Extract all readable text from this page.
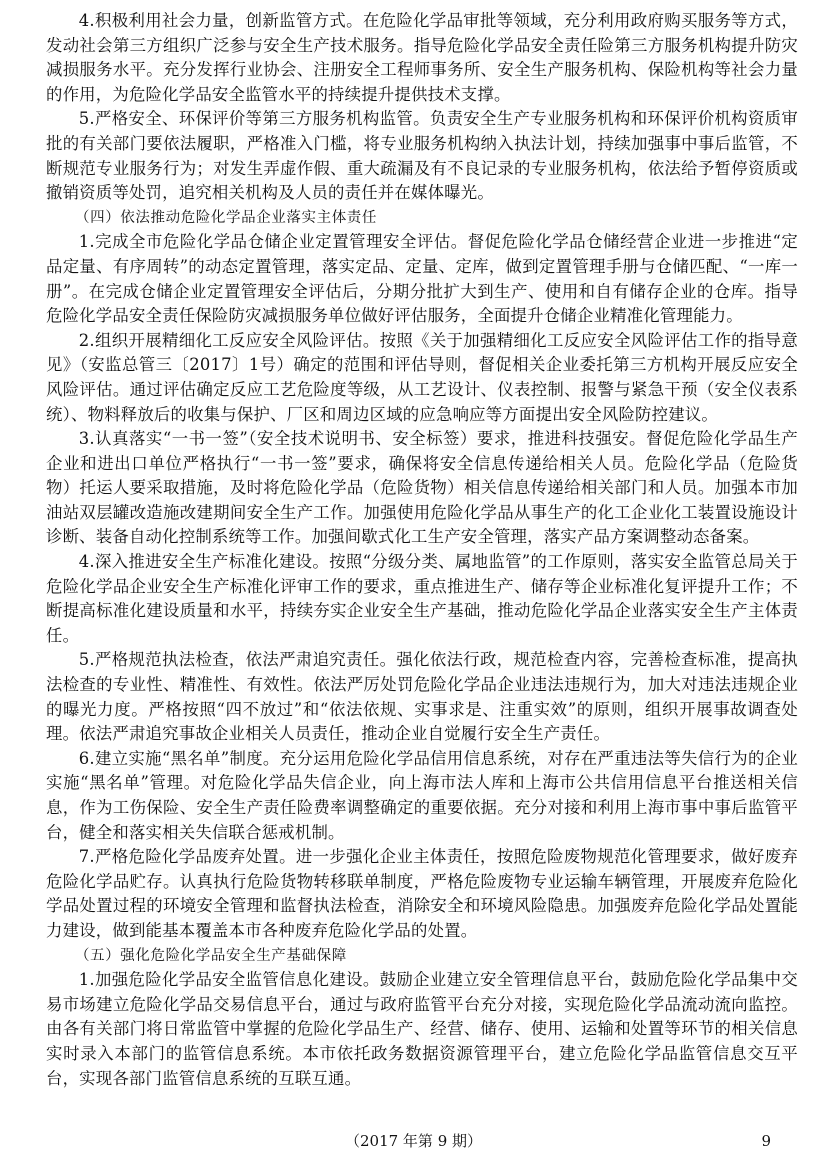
4.积极利用社会力量，创新监管方式。在危险化学品审批等领域，充分利用政府购买服务等方式，发动社会第三方组织广泛参与安全生产技术服务。指导危险化学品安全责任险第三方服务机构提升防灾减损服务水平。充分发挥行业协会、注册安全工程师事务所、安全生产服务机构、保险机构等社会力量的作用，为危险化学品安全监管水平的持续提升提供技术支撑。

5.严格安全、环保评价等第三方服务机构监管。负责安全生产专业服务机构和环保评价机构资质审批的有关部门要依法履职，严格准入门槛，将专业服务机构纳入执法计划，持续加强事中事后监管，不断规范专业服务行为；对发生弄虚作假、重大疏漏及有不良记录的专业服务机构，依法给予暂停资质或撤销资质等处罚，追究相关机构及人员的责任并在媒体曝光。

（四）依法推动危险化学品企业落实主体责任

1.完成全市危险化学品仓储企业定置管理安全评估。督促危险化学品仓储经营企业进一步推进“定品定量、有序周转”的动态定置管理，落实定品、定量、定库，做到定置管理手册与仓储匹配、“一库一册”。在完成仓储企业定置管理安全评估后，分期分批扩大到生产、使用和自有储存企业的仓库。指导危险化学品安全责任保险防灾减损服务单位做好评估服务，全面提升仓储企业精准化管理能力。

2.组织开展精细化工反应安全风险评估。按照《关于加强精细化工反应安全风险评估工作的指导意见》（安监总管三〔2017〕1号）确定的范围和评估导则，督促相关企业委托第三方机构开展反应安全风险评估。通过评估确定反应工艺危险度等级，从工艺设计、仪表控制、报警与紧急干预（安全仪表系统）、物料释放后的收集与保护、厂区和周边区域的应急响应等方面提出安全风险防控建议。

3.认真落实“一书一签”（安全技术说明书、安全标签）要求，推进科技强安。督促危险化学品生产企业和进出口单位严格执行“一书一签”要求，确保将安全信息传递给相关人员。危险化学品（危险货物）托运人要采取措施，及时将危险化学品（危险货物）相关信息传递给相关部门和人员。加强本市加油站双层罐改造施改建期间安全生产工作。加强使用危险化学品从事生产的化工企业化工装置设施设计诊断、装备自动化控制系统等工作。加强间歇式化工生产安全管理，落实产品方案调整动态备案。

4.深入推进安全生产标准化建设。按照“分级分类、属地监管”的工作原则，落实安全监管总局关于危险化学品企业安全生产标准化评审工作的要求，重点推进生产、储存等企业标准化复评提升工作；不断提高标准化建设质量和水平，持续夯实企业安全生产基础，推动危险化学品企业落实安全生产主体责任。

5.严格规范执法检查，依法严肃追究责任。强化依法行政，规范检查内容，完善检查标准，提高执法检查的专业性、精准性、有效性。依法严厉处罚危险化学品企业违法违规行为，加大对违法违规企业的曝光力度。严格按照“四不放过”和“依法依规、实事求是、注重实效”的原则，组织开展事故调查处理。依法严肃追究事故企业相关人员责任，推动企业自觉履行安全生产责任。

6.建立实施“黑名单”制度。充分运用危险化学品信用信息系统，对存在严重违法等失信行为的企业实施“黑名单”管理。对危险化学品失信企业，向上海市法人库和上海市公共信用信息平台推送相关信息，作为工伤保险、安全生产责任险费率调整确定的重要依据。充分对接和利用上海市事中事后监管平台，健全和落实相关失信联合惩戒机制。

7.严格危险化学品废弃处置。进一步强化企业主体责任，按照危险废物规范化管理要求，做好废弃危险化学品贮存。认真执行危险货物转移联单制度，严格危险废物专业运输车辆管理，开展废弃危险化学品处置过程的环境安全管理和监督执法检查，消除安全和环境风险隐患。加强废弃危险化学品处置能力建设，做到能基本覆盖本市各种废弃危险化学品的处置。

（五）强化危险化学品安全生产基础保障

1.加强危险化学品安全监管信息化建设。鼓励企业建立安全管理信息平台，鼓励危险化学品集中交易市场建立危险化学品交易信息平台，通过与政府监管平台充分对接，实现危险化学品流动流向监控。由各有关部门将日常监管中掌握的危险化学品生产、经营、储存、使用、运输和处置等环节的相关信息实时录入本部门的监管信息系统。本市依托政务数据资源管理平台，建立危险化学品监管信息交互平台，实现各部门监管信息系统的互联互通。

（2017 年第 9 期）	9
